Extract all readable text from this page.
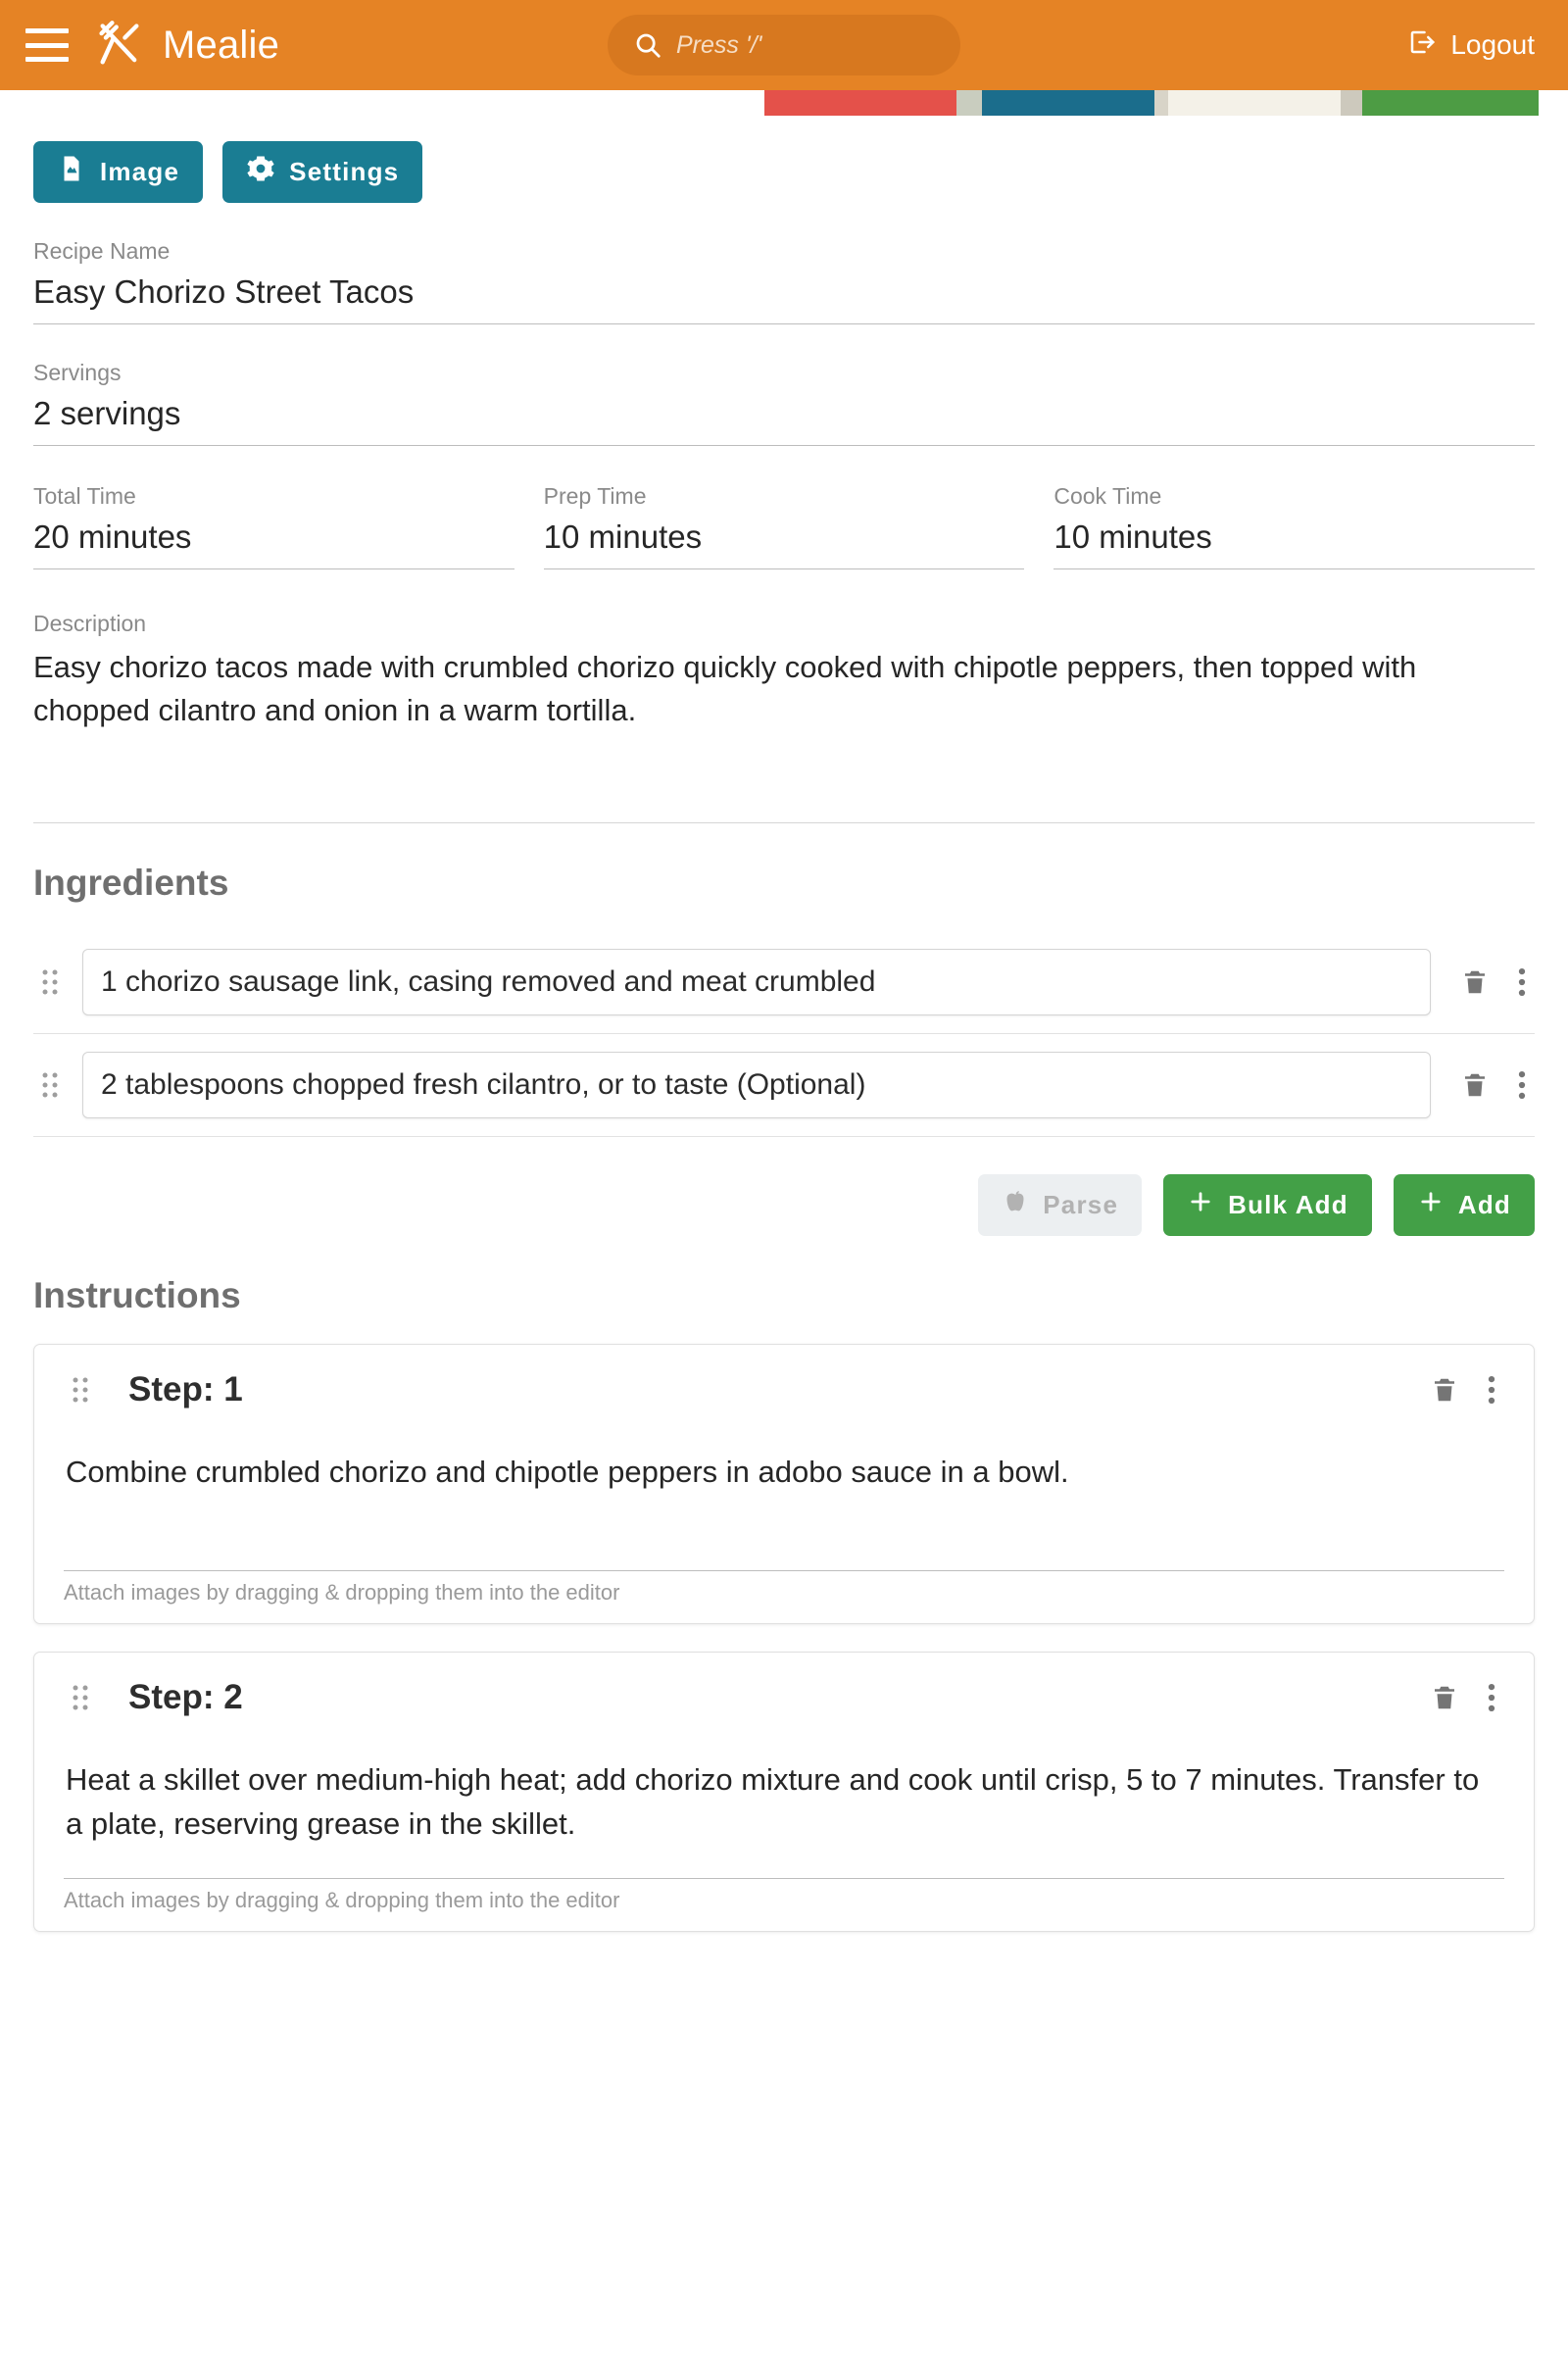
Mealie	Press '/'	Logout
Image	Settings
Recipe Name
Easy Chorizo Street Tacos
Servings
2 servings
Total Time
20 minutes
Prep Time
10 minutes
Cook Time
10 minutes
Description
Easy chorizo tacos made with crumbled chorizo quickly cooked with chipotle peppers, then topped with chopped cilantro and onion in a warm tortilla.
Ingredients
1 chorizo sausage link, casing removed and meat crumbled
2 tablespoons chopped fresh cilantro, or to taste (Optional)
Parse	Bulk Add	Add
Instructions
Step: 1
Combine crumbled chorizo and chipotle peppers in adobo sauce in a bowl.
Attach images by dragging & dropping them into the editor
Step: 2
Heat a skillet over medium-high heat; add chorizo mixture and cook until crisp, 5 to 7 minutes. Transfer to a plate, reserving grease in the skillet.
Attach images by dragging & dropping them into the editor
